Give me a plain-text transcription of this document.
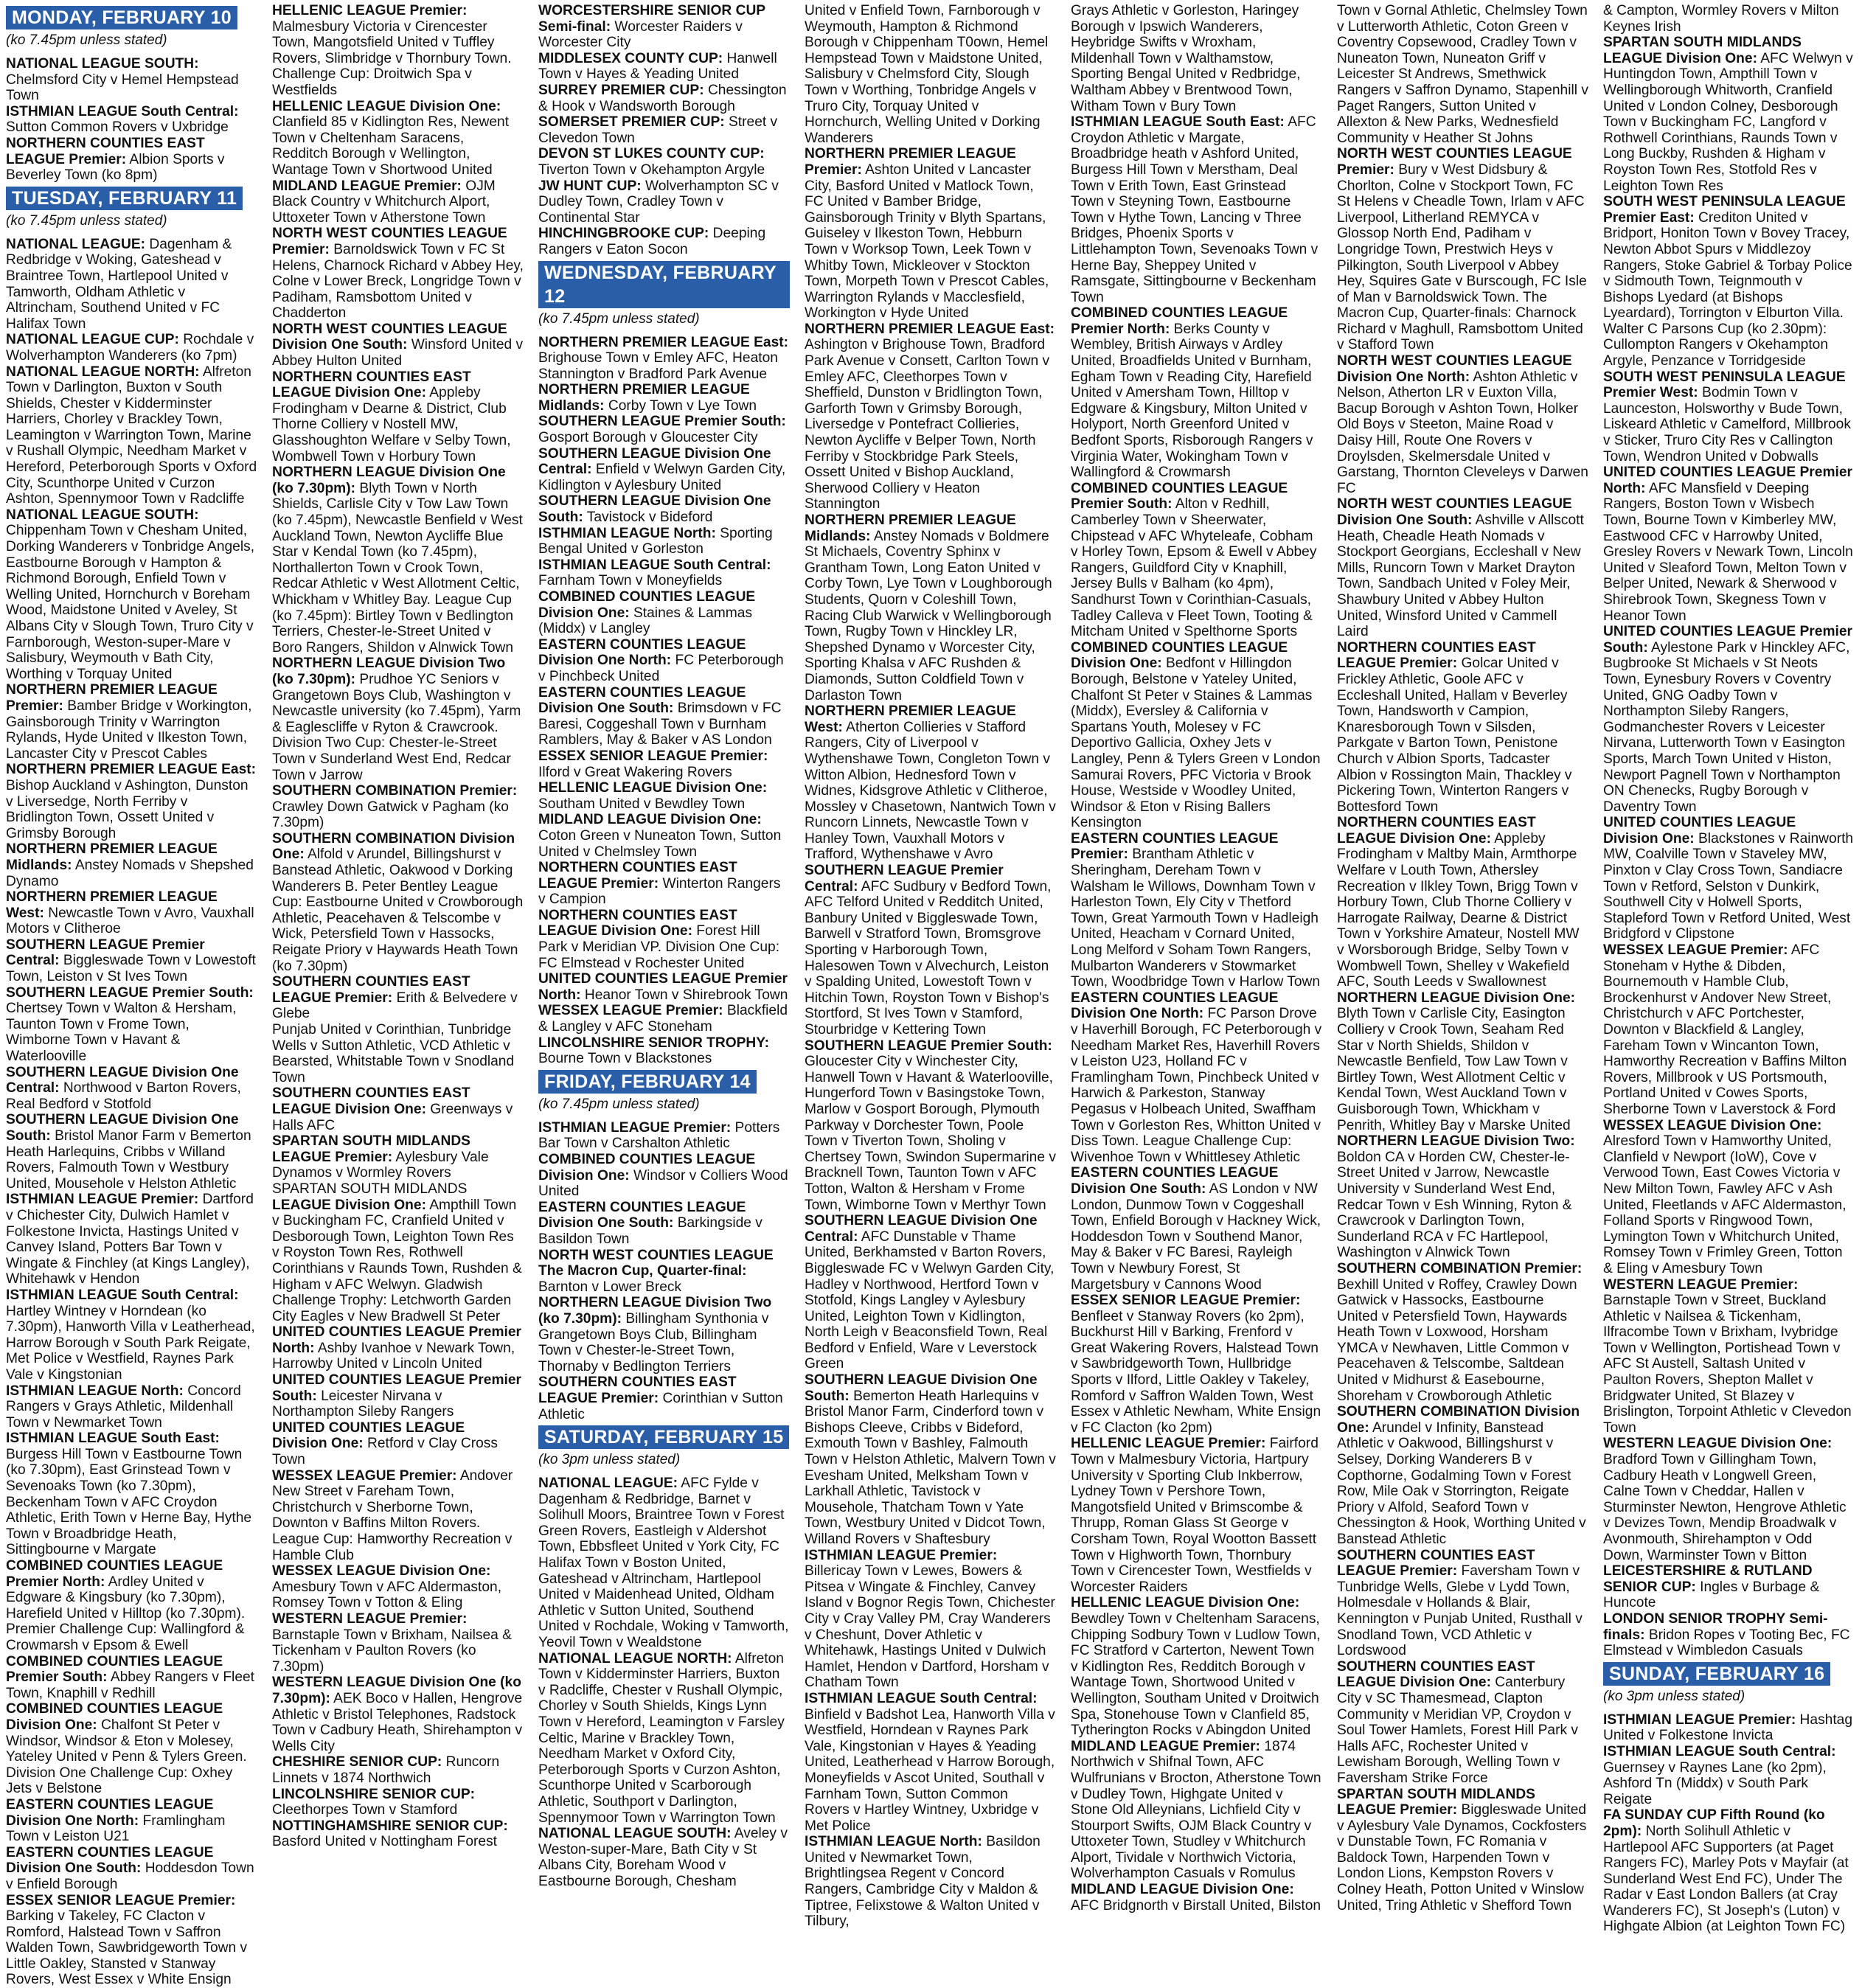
MONDAY, FEBRUARY 10
(ko 7.45pm unless stated)

NATIONAL LEAGUE SOUTH: Chelmsford City v Hemel Hempstead Town

ISTHMIAN LEAGUE South Central: Sutton Common Rovers v Uxbridge

NORTHERN COUNTIES EAST LEAGUE Premier: Albion Sports v Beverley Town (ko 8pm)

TUESDAY, FEBRUARY 11
(ko 7.45pm unless stated)

NATIONAL LEAGUE: Dagenham & Redbridge v Woking, Gateshead v Braintree Town, Hartlepool United v Tamworth, Oldham Athletic v Altrincham, Southend United v FC Halifax Town

NATIONAL LEAGUE CUP: Rochdale v Wolverhampton Wanderers (ko 7pm)

NATIONAL LEAGUE NORTH: Alfreton Town v Darlington, Buxton v South Shields, Chester v Kidderminster Harriers, Chorley v Brackley Town, Leamington v Warrington Town, Marine v Rushall Olympic, Needham Market v Hereford, Peterborough Sports v Oxford City, Scunthorpe United v Curzon Ashton, Spennymoor Town v Radcliffe

NATIONAL LEAGUE SOUTH: Chippenham Town v Chesham United, Dorking Wanderers v Tonbridge Angels, Eastbourne Borough v Hampton & Richmond Borough, Enfield Town v Welling United, Hornchurch v Boreham Wood, Maidstone United v Aveley, St Albans City v Slough Town, Truro City v Farnborough, Weston-super-Mare v Salisbury, Weymouth v Bath City, Worthing v Torquay United

NORTHERN PREMIER LEAGUE Premier: Bamber Bridge v Workington, Gainsborough Trinity v Warrington Rylands, Hyde United v Ilkeston Town, Lancaster City v Prescot Cables

NORTHERN PREMIER LEAGUE East: Bishop Auckland v Ashington, Dunston v Liversedge, North Ferriby v Bridlington Town, Ossett United v Grimsby Borough

NORTHERN PREMIER LEAGUE Midlands: Anstey Nomads v Shepshed Dynamo

NORTHERN PREMIER LEAGUE West: Newcastle Town v Avro, Vauxhall Motors v Clitheroe

SOUTHERN LEAGUE Premier Central: Biggleswade Town v Lowestoft Town, Leiston v St Ives Town

SOUTHERN LEAGUE Premier South: Chertsey Town v Walton & Hersham, Taunton Town v Frome Town, Wimborne Town v Havant & Waterlooville

SOUTHERN LEAGUE Division One Central: Northwood v Barton Rovers, Real Bedford v Stotfold

SOUTHERN LEAGUE Division One South: Bristol Manor Farm v Bemerton Heath Harlequins, Cribbs v Willand Rovers, Falmouth Town v Westbury United, Mousehole v Helston Athletic

ISTHMIAN LEAGUE Premier: Dartford v Chichester City, Dulwich Hamlet v Folkestone Invicta, Hastings United v Canvey Island, Potters Bar Town v Wingate & Finchley (at Kings Langley), Whitehawk v Hendon

ISTHMIAN LEAGUE South Central: Hartley Wintney v Horndean (ko 7.30pm), Hanworth Villa v Leatherhead, Harrow Borough v South Park Reigate, Met Police v Westfield, Raynes Park Vale v Kingstonian

ISTHMIAN LEAGUE North: Concord Rangers v Grays Athletic, Mildenhall Town v Newmarket Town

ISTHMIAN LEAGUE South East: Burgess Hill Town v Eastbourne Town (ko 7.30pm), East Grinstead Town v Sevenoaks Town (ko 7.30pm), Beckenham Town v AFC Croydon Athletic, Erith Town v Herne Bay, Hythe Town v Broadbridge Heath, Sittingbourne v Margate

COMBINED COUNTIES LEAGUE Premier North: Ardley United v Edgware & Kingsbury (ko 7.30pm), Harefield United v Hilltop (ko 7.30pm). Premier Challenge Cup: Wallingford & Crowmarsh v Epsom & Ewell

COMBINED COUNTIES LEAGUE Premier South: Abbey Rangers v Fleet Town, Knaphill v Redhill

COMBINED COUNTIES LEAGUE Division One: Chalfont St Peter v Windsor, Windsor & Eton v Molesey, Yateley United v Penn & Tylers Green. Division One Challenge Cup: Oxhey Jets v Belstone

EASTERN COUNTIES LEAGUE Division One North: Framlingham Town v Leiston U21

EASTERN COUNTIES LEAGUE Division One South: Hoddesdon Town v Enfield Borough

ESSEX SENIOR LEAGUE Premier: Barking v Takeley, FC Clacton v Romford, Halstead Town v Saffron Walden Town, Sawbridgeworth Town v Little Oakley, Stansted v Stanway Rovers, West Essex v White Ensign

HELLENIC LEAGUE Premier: Malmesbury Victoria v Cirencester Town, Mangotsfield United v Tuffley Rovers, Slimbridge v Thornbury Town. Challenge Cup: Droitwich Spa v Westfields

HELLENIC LEAGUE Division One: Clanfield 85 v Kidlington Res, Newent Town v Cheltenham Saracens, Redditch Borough v Wellington, Wantage Town v Shortwood United

MIDLAND LEAGUE Premier: OJM Black Country v Whitchurch Alport, Uttoxeter Town v Atherstone Town

NORTH WEST COUNTIES LEAGUE Premier: Barnoldswick Town v FC St Helens, Charnock Richard v Abbey Hey, Colne v Lower Breck, Longridge Town v Padiham, Ramsbottom United v Chadderton

NORTH WEST COUNTIES LEAGUE Division One South: Winsford United v Abbey Hulton United

NORTHERN COUNTIES EAST LEAGUE Division One: Appleby Frodingham v Dearne & District, Club Thorne Colliery v Nostell MW, Glasshoughton Welfare v Selby Town, Wombwell Town v Horbury Town

NORTHERN LEAGUE Division One (ko 7.30pm): Blyth Town v North Shields, Carlisle City v Tow Law Town (ko 7.45pm), Newcastle Benfield v West Auckland Town, Newton Aycliffe Blue Star v Kendal Town (ko 7.45pm), Northallerton Town v Crook Town, Redcar Athletic v West Allotment Celtic, Whickham v Whitley Bay. League Cup (ko 7.45pm): Birtley Town v Bedlington Terriers, Chester-le-Street United v Boro Rangers, Shildon v Alnwick Town

NORTHERN LEAGUE Division Two (ko 7.30pm): Prudhoe YC Seniors v Grangetown Boys Club, Washington v Newcastle university (ko 7.45pm), Yarm & Eaglescliffe v Ryton & Crawcrook. Division Two Cup: Chester-le-Street Town v Sunderland West End, Redcar Town v Jarrow

SOUTHERN COMBINATION Premier: Crawley Down Gatwick v Pagham (ko 7.30pm)

SOUTHERN COMBINATION Division One: Alfold v Arundel, Billingshurst v Banstead Athletic, Oakwood v Dorking Wanderers B. Peter Bentley League Cup: Eastbourne United v Crowborough Athletic, Peacehaven & Telscombe v Wick, Petersfield Town v Hassocks, Reigate Priory v Haywards Heath Town (ko 7.30pm)

SOUTHERN COUNTIES EAST LEAGUE Premier: Erith & Belvedere v Glebe

Punjab United v Corinthian, Tunbridge Wells v Sutton Athletic, VCD Athletic v Bearsted, Whitstable Town v Snodland Town

SOUTHERN COUNTIES EAST LEAGUE Division One: Greenways v Halls AFC

SPARTAN SOUTH MIDLANDS LEAGUE Premier: Aylesbury Vale Dynamos v Wormley Rovers

SPARTAN SOUTH MIDLANDS

LEAGUE Division One: Ampthill Town v Buckingham FC, Cranfield United v Desborough Town, Leighton Town Res v Royston Town Res, Rothwell Corinthians v Raunds Town, Rushden & Higham v AFC Welwyn. Gladwish Challenge Trophy: Letchworth Garden City Eagles v New Bradwell St Peter

UNITED COUNTIES LEAGUE Premier North: Ashby Ivanhoe v Newark Town, Harrowby United v Lincoln United

UNITED COUNTIES LEAGUE Premier South: Leicester Nirvana v Northampton Sileby Rangers

UNITED COUNTIES LEAGUE Division One: Retford v Clay Cross Town

WESSEX LEAGUE Premier: Andover New Street v Fareham Town, Christchurch v Sherborne Town, Downton v Baffins Milton Rovers. League Cup: Hamworthy Recreation v Hamble Club

WESSEX LEAGUE Division One: Amesbury Town v AFC Aldermaston, Romsey Town v Totton & Eling

WESTERN LEAGUE Premier: Barnstaple Town v Brixham, Nailsea & Tickenham v Paulton Rovers (ko 7.30pm)

WESTERN LEAGUE Division One (ko 7.30pm): AEK Boco v Hallen, Hengrove Athletic v Bristol Telephones, Radstock Town v Cadbury Heath, Shirehampton v Wells City

CHESHIRE SENIOR CUP: Runcorn Linnets v 1874 Northwich

LINCOLNSHIRE SENIOR CUP: Cleethorpes Town v Stamford

NOTTINGHAMSHIRE SENIOR CUP: Basford United v Nottingham Forest

WORCESTERSHIRE SENIOR CUP Semi-final: Worcester Raiders v Worcester City

MIDDLESEX COUNTY CUP: Hanwell Town v Hayes & Yeading United

SURREY PREMIER CUP: Chessington & Hook v Wandsworth Borough

SOMERSET PREMIER CUP: Street v Clevedon Town

DEVON ST LUKES COUNTY CUP: Tiverton Town v Okehampton Argyle

JW HUNT CUP: Wolverhampton SC v Dudley Town, Cradley Town v Continental Star

HINCHINGBROOKE CUP: Deeping Rangers v Eaton Socon

WEDNESDAY, FEBRUARY 12
(ko 7.45pm unless stated)

NORTHERN PREMIER LEAGUE East: Brighouse Town v Emley AFC, Heaton Stannington v Bradford Park Avenue

NORTHERN PREMIER LEAGUE Midlands: Corby Town v Lye Town

SOUTHERN LEAGUE Premier South: Gosport Borough v Gloucester City

SOUTHERN LEAGUE Division One Central: Enfield v Welwyn Garden City, Kidlington v Aylesbury United

SOUTHERN LEAGUE Division One South: Tavistock v Bideford

ISTHMIAN LEAGUE North: Sporting Bengal United v Gorleston

ISTHMIAN LEAGUE South Central: Farnham Town v Moneyfields

COMBINED COUNTIES LEAGUE Division One: Staines & Lammas (Middx) v Langley

EASTERN COUNTIES LEAGUE Division One North: FC Peterborough v Pinchbeck United

EASTERN COUNTIES LEAGUE Division One South: Brimsdown v FC Baresi, Coggeshall Town v Burnham Ramblers, May & Baker v AS London

ESSEX SENIOR LEAGUE Premier: Ilford v Great Wakering Rovers

HELLENIC LEAGUE Division One: Southam United v Bewdley Town

MIDLAND LEAGUE Division One: Coton Green v Nuneaton Town, Sutton United v Chelmsley Town

NORTHERN COUNTIES EAST LEAGUE Premier: Winterton Rangers v Campion

NORTHERN COUNTIES EAST LEAGUE Division One: Forest Hill Park v Meridian VP. Division One Cup: FC Elmstead v Rochester United

UNITED COUNTIES LEAGUE Premier North: Heanor Town v Shirebrook Town

WESSEX LEAGUE Premier: Blackfield & Langley v AFC Stoneham

LINCOLNSHIRE SENIOR TROPHY: Bourne Town v Blackstones

FRIDAY, FEBRUARY 14
(ko 7.45pm unless stated)

ISTHMIAN LEAGUE Premier: Potters Bar Town v Carshalton Athletic

COMBINED COUNTIES LEAGUE Division One: Windsor v Colliers Wood United

EASTERN COUNTIES LEAGUE Division One South: Barkingside v Basildon Town

NORTH WEST COUNTIES LEAGUE The Macron Cup, Quarter-final: Barnton v Lower Breck

NORTHERN LEAGUE Division Two (ko 7.30pm): Billingham Synthonia v Grangetown Boys Club, Billingham Town v Chester-le-Street Town, Thornaby v Bedlington Terriers

SOUTHERN COUNTIES EAST LEAGUE Premier: Corinthian v Sutton Athletic

SATURDAY, FEBRUARY 15
(ko 3pm unless stated)

NATIONAL LEAGUE: AFC Fylde v Dagenham & Redbridge, Barnet v Solihull Moors, Braintree Town v Forest Green Rovers, Eastleigh v Aldershot Town, Ebbsfleet United v York City, FC Halifax Town v Boston United, Gateshead v Altrincham, Hartlepool United v Maidenhead United, Oldham Athletic v Sutton United, Southend United v Rochdale, Woking v Tamworth, Yeovil Town v Wealdstone

NATIONAL LEAGUE NORTH: Alfreton Town v Kidderminster Harriers, Buxton v Radcliffe, Chester v Rushall Olympic, Chorley v South Shields, Kings Lynn Town v Hereford, Leamington v Farsley Celtic, Marine v Brackley Town, Needham Market v Oxford City, Peterborough Sports v Curzon Ashton, Scunthorpe United v Scarborough Athletic, Southport v Darlington, Spennymoor Town v Warrington Town

NATIONAL LEAGUE SOUTH: Aveley v Weston-super-Mare, Bath City v St Albans City, Boreham Wood v Eastbourne Borough, Chesham

United v Enfield Town, Farnborough v Weymouth, Hampton & Richmond Borough v Chippenham T0own, Hemel Hempstead Town v Maidstone United, Salisbury v Chelmsford City, Slough Town v Worthing, Tonbridge Angels v Truro City, Torquay United v Hornchurch, Welling United v Dorking Wanderers

NORTHERN PREMIER LEAGUE Premier: Ashton United v Lancaster City, Basford United v Matlock Town, FC United v Bamber Bridge, Gainsborough Trinity v Blyth Spartans, Guiseley v Ilkeston Town, Hebburn Town v Worksop Town, Leek Town v Whitby Town, Mickleover v Stockton Town, Morpeth Town v Prescot Cables, Warrington Rylands v Macclesfield, Workington v Hyde United

NORTHERN PREMIER LEAGUE East: Ashington v Brighouse Town, Bradford Park Avenue v Consett, Carlton Town v Emley AFC, Cleethorpes Town v Sheffield, Dunston v Bridlington Town, Garforth Town v Grimsby Borough, Liversedge v Pontefract Collieries, Newton Aycliffe v Belper Town, North Ferriby v Stockbridge Park Steels, Ossett United v Bishop Auckland, Sherwood Colliery v Heaton Stannington

NORTHERN PREMIER LEAGUE Midlands: Anstey Nomads v Boldmere St Michaels, Coventry Sphinx v Grantham Town, Long Eaton United v Corby Town, Lye Town v Loughborough Students, Quorn v Coleshill Town, Racing Club Warwick v Wellingborough Town, Rugby Town v Hinckley LR, Shepshed Dynamo v Worcester City, Sporting Khalsa v AFC Rushden & Diamonds, Sutton Coldfield Town v Darlaston Town

NORTHERN PREMIER LEAGUE West: Atherton Collieries v Stafford Rangers, City of Liverpool v Wythenshawe Town, Congleton Town v Witton Albion, Hednesford Town v Widnes, Kidsgrove Athletic v Clitheroe, Mossley v Chasetown, Nantwich Town v Runcorn Linnets, Newcastle Town v Hanley Town, Vauxhall Motors v Trafford, Wythenshawe v Avro

SOUTHERN LEAGUE Premier Central: AFC Sudbury v Bedford Town, AFC Telford United v Redditch United, Banbury United v Biggleswade Town, Barwell v Stratford Town, Bromsgrove Sporting v Harborough Town, Halesowen Town v Alvechurch, Leiston v Spalding United, Lowestoft Town v Hitchin Town, Royston Town v Bishop's Stortford, St Ives Town v Stamford, Stourbridge v Kettering Town

SOUTHERN LEAGUE Premier South: Gloucester City v Winchester City, Hanwell Town v Havant & Waterlooville, Hungerford Town v Basingstoke Town, Marlow v Gosport Borough, Plymouth Parkway v Dorchester Town, Poole Town v Tiverton Town, Sholing v Chertsey Town, Swindon Supermarine v Bracknell Town, Taunton Town v AFC Totton, Walton & Hersham v Frome Town, Wimborne Town v Merthyr Town

SOUTHERN LEAGUE Division One Central: AFC Dunstable v Thame United, Berkhamsted v Barton Rovers, Biggleswade FC v Welwyn Garden City, Hadley v Northwood, Hertford Town v Stotfold, Kings Langley v Aylesbury United, Leighton Town v Kidlington, North Leigh v Beaconsfield Town, Real Bedford v Enfield, Ware v Leverstock Green

SOUTHERN LEAGUE Division One South: Bemerton Heath Harlequins v Bristol Manor Farm, Cinderford town v Bishops Cleeve, Cribbs v Bideford, Exmouth Town v Bashley, Falmouth Town v Helston Athletic, Malvern Town v Evesham United, Melksham Town v Larkhall Athletic, Tavistock v Mousehole, Thatcham Town v Yate Town, Westbury United v Didcot Town, Willand Rovers v Shaftesbury

ISTHMIAN LEAGUE Premier: Billericay Town v Lewes, Bowers & Pitsea v Wingate & Finchley, Canvey Island v Bognor Regis Town, Chichester City v Cray Valley PM, Cray Wanderers v Cheshunt, Dover Athletic v Whitehawk, Hastings United v Dulwich Hamlet, Hendon v Dartford, Horsham v Chatham Town

ISTHMIAN LEAGUE South Central: Binfield v Badshot Lea, Hanworth Villa v Westfield, Horndean v Raynes Park Vale, Kingstonian v Hayes & Yeading United, Leatherhead v Harrow Borough, Moneyfields v Ascot United, Southall v Farnham Town, Sutton Common Rovers v Hartley Wintney, Uxbridge v Met Police

ISTHMIAN LEAGUE North: Basildon United v Newmarket Town, Brightlingsea Regent v Concord Rangers, Cambridge City v Maldon & Tiptree, Felixstowe & Walton United v Tilbury,

Grays Athletic v Gorleston, Haringey Borough v Ipswich Wanderers, Heybridge Swifts v Wroxham, Mildenhall Town v Walthamstow, Sporting Bengal United v Redbridge, Waltham Abbey v Brentwood Town, Witham Town v Bury Town

ISTHMIAN LEAGUE South East: AFC Croydon Athletic v Margate, Broadbridge heath v Ashford United, Burgess Hill Town v Merstham, Deal Town v Erith Town, East Grinstead Town v Steyning Town, Eastbourne Town v Hythe Town, Lancing v Three Bridges, Phoenix Sports v Littlehampton Town, Sevenoaks Town v Herne Bay, Sheppey United v Ramsgate, Sittingbourne v Beckenham Town

COMBINED COUNTIES LEAGUE Premier North: Berks County v Wembley, British Airways v Ardley United, Broadfields United v Burnham, Egham Town v Reading City, Harefield United v Amersham Town, Hilltop v Edgware & Kingsbury, Milton United v Holyport, North Greenford United v Bedfont Sports, Risborough Rangers v Virginia Water, Wokingham Town v Wallingford & Crowmarsh

COMBINED COUNTIES LEAGUE Premier South: Alton v Redhill, Camberley Town v Sheerwater, Chipstead v AFC Whyteleafe, Cobham v Horley Town, Epsom & Ewell v Abbey Rangers, Guildford City v Knaphill, Jersey Bulls v Balham (ko 4pm), Sandhurst Town v Corinthian-Casuals, Tadley Calleva v Fleet Town, Tooting & Mitcham United v Spelthorne Sports

COMBINED COUNTIES LEAGUE Division One: Bedfont v Hillingdon Borough, Belstone v Yateley United, Chalfont St Peter v Staines & Lammas (Middx), Eversley & California v Spartans Youth, Molesey v FC Deportivo Gallicia, Oxhey Jets v Langley, Penn & Tylers Green v London Samurai Rovers, PFC Victoria v Brook House, Westside v Woodley United, Windsor & Eton v Rising Ballers Kensington

EASTERN COUNTIES LEAGUE Premier: Brantham Athletic v Sheringham, Dereham Town v Walsham le Willows, Downham Town v Harleston Town, Ely City v Thetford Town, Great Yarmouth Town v Hadleigh United, Heacham v Cornard United, Long Melford v Soham Town Rangers, Mulbarton Wanderers v Stowmarket Town, Woodbridge Town v Harlow Town

EASTERN COUNTIES LEAGUE Division One North: FC Parson Drove v Haverhill Borough, FC Peterborough v Needham Market Res, Haverhill Rovers v Leiston U23, Holland FC v Framlingham Town, Pinchbeck United v Harwich & Parkeston, Stanway Pegasus v Holbeach United, Swaffham Town v Gorleston Res, Whitton United v Diss Town. League Challenge Cup: Wivenhoe Town v Whittlesey Athletic

EASTERN COUNTIES LEAGUE Division One South: AS London v NW London, Dunmow Town v Coggeshall Town, Enfield Borough v Hackney Wick, Hoddesdon Town v Southend Manor, May & Baker v FC Baresi, Rayleigh Town v Newbury Forest, St Margetsbury v Cannons Wood

ESSEX SENIOR LEAGUE Premier: Benfleet v Stanway Rovers (ko 2pm), Buckhurst Hill v Barking, Frenford v Great Wakering Rovers, Halstead Town v Sawbridgeworth Town, Hullbridge Sports v Ilford, Little Oakley v Takeley, Romford v Saffron Walden Town, West Essex v Athletic Newham, White Ensign v FC Clacton (ko 2pm)

HELLENIC LEAGUE Premier: Fairford Town v Malmesbury Victoria, Hartpury University v Sporting Club Inkberrow, Lydney Town v Pershore Town, Mangotsfield United v Brimscombe & Thrupp, Roman Glass St George v Corsham Town, Royal Wootton Bassett Town v Highworth Town, Thornbury Town v Cirencester Town, Westfields v Worcester Raiders

HELLENIC LEAGUE Division One: Bewdley Town v Cheltenham Saracens, Chipping Sodbury Town v Ludlow Town, FC Stratford v Carterton, Newent Town v Kidlington Res, Redditch Borough v Wantage Town, Shortwood United v Wellington, Southam United v Droitwich Spa, Stonehouse Town v Clanfield 85, Tytherington Rocks v Abingdon United

MIDLAND LEAGUE Premier: 1874 Northwich v Shifnal Town, AFC Wulfrunians v Brocton, Atherstone Town v Dudley Town, Highgate United v Stone Old Alleynians, Lichfield City v Stourport Swifts, OJM Black Country v Uttoxeter Town, Studley v Whitchurch Alport, Tividale v Northwich Victoria, Wolverhampton Casuals v Romulus

MIDLAND LEAGUE Division One: AFC Bridgnorth v Birstall United, Bilston

Town v Gornal Athletic, Chelmsley Town v Lutterworth Athletic, Coton Green v Coventry Copsewood, Cradley Town v Nuneaton Town, Nuneaton Griff v Leicester St Andrews, Smethwick Rangers v Saffron Dynamo, Stapenhill v Paget Rangers, Sutton United v Allexton & New Parks, Wednesfield Community v Heather St Johns

NORTH WEST COUNTIES LEAGUE Premier: Bury v West Didsbury & Chorlton, Colne v Stockport Town, FC St Helens v Cheadle Town, Irlam v AFC Liverpool, Litherland REMYCA v Glossop North End, Padiham v Longridge Town, Prestwich Heys v Pilkington, South Liverpool v Abbey Hey, Squires Gate v Burscough, FC Isle of Man v Barnoldswick Town. The Macron Cup, Quarter-finals: Charnock Richard v Maghull, Ramsbottom United v Stafford Town

NORTH WEST COUNTIES LEAGUE Division One North: Ashton Athletic v Nelson, Atherton LR v Euxton Villa, Bacup Borough v Ashton Town, Holker Old Boys v Steeton, Maine Road v Daisy Hill, Route One Rovers v Droylsden, Skelmersdale United v Garstang, Thornton Cleveleys v Darwen FC

NORTH WEST COUNTIES LEAGUE Division One South: Ashville v Allscott Heath, Cheadle Heath Nomads v Stockport Georgians, Eccleshall v New Mills, Runcorn Town v Market Drayton Town, Sandbach United v Foley Meir, Shawbury United v Abbey Hulton United, Winsford United v Cammell Laird

NORTHERN COUNTIES EAST LEAGUE Premier: Golcar United v Frickley Athletic, Goole AFC v Eccleshall United, Hallam v Beverley Town, Handsworth v Campion, Knaresborough Town v Silsden, Parkgate v Barton Town, Penistone Church v Albion Sports, Tadcaster Albion v Rossington Main, Thackley v Pickering Town, Winterton Rangers v Bottesford Town

NORTHERN COUNTIES EAST LEAGUE Division One: Appleby Frodingham v Maltby Main, Armthorpe Welfare v Louth Town, Athersley Recreation v Ilkley Town, Brigg Town v Horbury Town, Club Thorne Colliery v Harrogate Railway, Dearne & District Town v Yorkshire Amateur, Nostell MW v Worsborough Bridge, Selby Town v Wombwell Town, Shelley v Wakefield AFC, South Leeds v Swallownest

NORTHERN LEAGUE Division One: Blyth Town v Carlisle City, Easington Colliery v Crook Town, Seaham Red Star v North Shields, Shildon v Newcastle Benfield, Tow Law Town v Birtley Town, West Allotment Celtic v Kendal Town, West Auckland Town v Guisborough Town, Whickham v Penrith, Whitley Bay v Marske United

NORTHERN LEAGUE Division Two: Boldon CA v Horden CW, Chester-le-Street United v Jarrow, Newcastle University v Sunderland West End, Redcar Town v Esh Winning, Ryton & Crawcrook v Darlington Town, Sunderland RCA v FC Hartlepool, Washington v Alnwick Town

SOUTHERN COMBINATION Premier: Bexhill United v Roffey, Crawley Down Gatwick v Hassocks, Eastbourne United v Petersfield Town, Haywards Heath Town v Loxwood, Horsham YMCA v Newhaven, Little Common v Peacehaven & Telscombe, Saltdean United v Midhurst & Easebourne, Shoreham v Crowborough Athletic

SOUTHERN COMBINATION Division One: Arundel v Infinity, Banstead Athletic v Oakwood, Billingshurst v Selsey, Dorking Wanderers B v Copthorne, Godalming Town v Forest Row, Mile Oak v Storrington, Reigate Priory v Alfold, Seaford Town v Chessington & Hook, Worthing United v Banstead Athletic

SOUTHERN COUNTIES EAST LEAGUE Premier: Faversham Town v Tunbridge Wells, Glebe v Lydd Town, Holmesdale v Hollands & Blair, Kennington v Punjab United, Rusthall v Snodland Town, VCD Athletic v Lordswood

SOUTHERN COUNTIES EAST LEAGUE Division One: Canterbury City v SC Thamesmead, Clapton Community v Meridian VP, Croydon v Soul Tower Hamlets, Forest Hill Park v Halls AFC, Rochester United v Lewisham Borough, Welling Town v Faversham Strike Force

SPARTAN SOUTH MIDLANDS LEAGUE Premier: Biggleswade United v Aylesbury Vale Dynamos, Cockfosters v Dunstable Town, FC Romania v Baldock Town, Harpenden Town v London Lions, Kempston Rovers v Colney Heath, Potton United v Winslow United, Tring Athletic v Shefford Town

& Campton, Wormley Rovers v Milton Keynes Irish

SPARTAN SOUTH MIDLANDS LEAGUE Division One: AFC Welwyn v Huntingdon Town, Ampthill Town v Wellingborough Whitworth, Cranfield United v London Colney, Desborough Town v Buckingham FC, Langford v Rothwell Corinthians, Raunds Town v Long Buckby, Rushden & Higham v Royston Town Res, Stotfold Res v Leighton Town Res

SOUTH WEST PENINSULA LEAGUE Premier East: Crediton United v Bridport, Honiton Town v Bovey Tracey, Newton Abbot Spurs v Middlezoy Rangers, Stoke Gabriel & Torbay Police v Sidmouth Town, Teignmouth v Bishops Lyedard (at Bishops Lyeardard), Torrington v Elburton Villa. Walter C Parsons Cup (ko 2.30pm): Cullompton Rangers v Okehampton Argyle, Penzance v Torridgeside

SOUTH WEST PENINSULA LEAGUE Premier West: Bodmin Town v Launceston, Holsworthy v Bude Town, Liskeard Athletic v Camelford, Millbrook v Sticker, Truro City Res v Callington Town, Wendron United v Dobwalls

UNITED COUNTIES LEAGUE Premier North: AFC Mansfield v Deeping Rangers, Boston Town v Wisbech Town, Bourne Town v Kimberley MW, Eastwood CFC v Harrowby United, Gresley Rovers v Newark Town, Lincoln United v Sleaford Town, Melton Town v Belper United, Newark & Sherwood v Shirebrook Town, Skegness Town v Heanor Town

UNITED COUNTIES LEAGUE Premier South: Aylestone Park v Hinckley AFC, Bugbrooke St Michaels v St Neots Town, Eynesbury Rovers v Coventry United, GNG Oadby Town v Northampton Sileby Rangers, Godmanchester Rovers v Leicester Nirvana, Lutterworth Town v Easington Sports, March Town United v Histon, Newport Pagnell Town v Northampton ON Chenecks, Rugby Borough v Daventry Town

UNITED COUNTIES LEAGUE Division One: Blackstones v Rainworth MW, Coalville Town v Staveley MW, Pinxton v Clay Cross Town, Sandiacre Town v Retford, Selston v Dunkirk, Southwell City v Holwell Sports, Stapleford Town v Retford United, West Bridgford v Clipstone

WESSEX LEAGUE Premier: AFC Stoneham v Hythe & Dibden, Bournemouth v Hamble Club, Brockenhurst v Andover New Street, Christchurch v AFC Portchester, Downton v Blackfield & Langley, Fareham Town v Wincanton Town, Hamworthy Recreation v Baffins Milton Rovers, Millbrook v US Portsmouth, Portland United v Cowes Sports, Sherborne Town v Laverstock & Ford

WESSEX LEAGUE Division One: Alresford Town v Hamworthy United, Clanfield v Newport (IoW), Cove v Verwood Town, East Cowes Victoria v New Milton Town, Fawley AFC v Ash United, Fleetlands v AFC Aldermaston, Folland Sports v Ringwood Town, Lymington Town v Whitchurch United, Romsey Town v Frimley Green, Totton & Eling v Amesbury Town

WESTERN LEAGUE Premier: Barnstaple Town v Street, Buckland Athletic v Nailsea & Tickenham, Ilfracombe Town v Brixham, Ivybridge Town v Wellington, Portishead Town v AFC St Austell, Saltash United v Paulton Rovers, Shepton Mallet v Bridgwater United, St Blazey v Brislington, Torpoint Athletic v Clevedon Town

WESTERN LEAGUE Division One: Bradford Town v Gillingham Town, Cadbury Heath v Longwell Green, Calne Town v Cheddar, Hallen v Sturminster Newton, Hengrove Athletic v Devizes Town, Mendip Broadwalk v Avonmouth, Shirehampton v Odd Down, Warminster Town v Bitton

LEICESTERSHIRE & RUTLAND SENIOR CUP: Ingles v Burbage & Huncote

LONDON SENIOR TROPHY Semi-finals: Bridon Ropes v Tooting Bec, FC Elmstead v Wimbledon Casuals

SUNDAY, FEBRUARY 16
(ko 3pm unless stated)

ISTHMIAN LEAGUE Premier: Hashtag United v Folkestone Invicta

ISTHMIAN LEAGUE South Central: Guernsey v Raynes Lane (ko 2pm), Ashford Tn (Middx) v South Park Reigate

FA SUNDAY CUP Fifth Round (ko 2pm): North Solihull Athletic v Hartlepool AFC Supporters (at Paget Rangers FC), Marley Pots v Mayfair (at Sunderland West End FC), Under The Radar v East London Ballers (at Cray Wanderers FC), St Joseph's (Luton) v Highgate Albion (at Leighton Town FC)
